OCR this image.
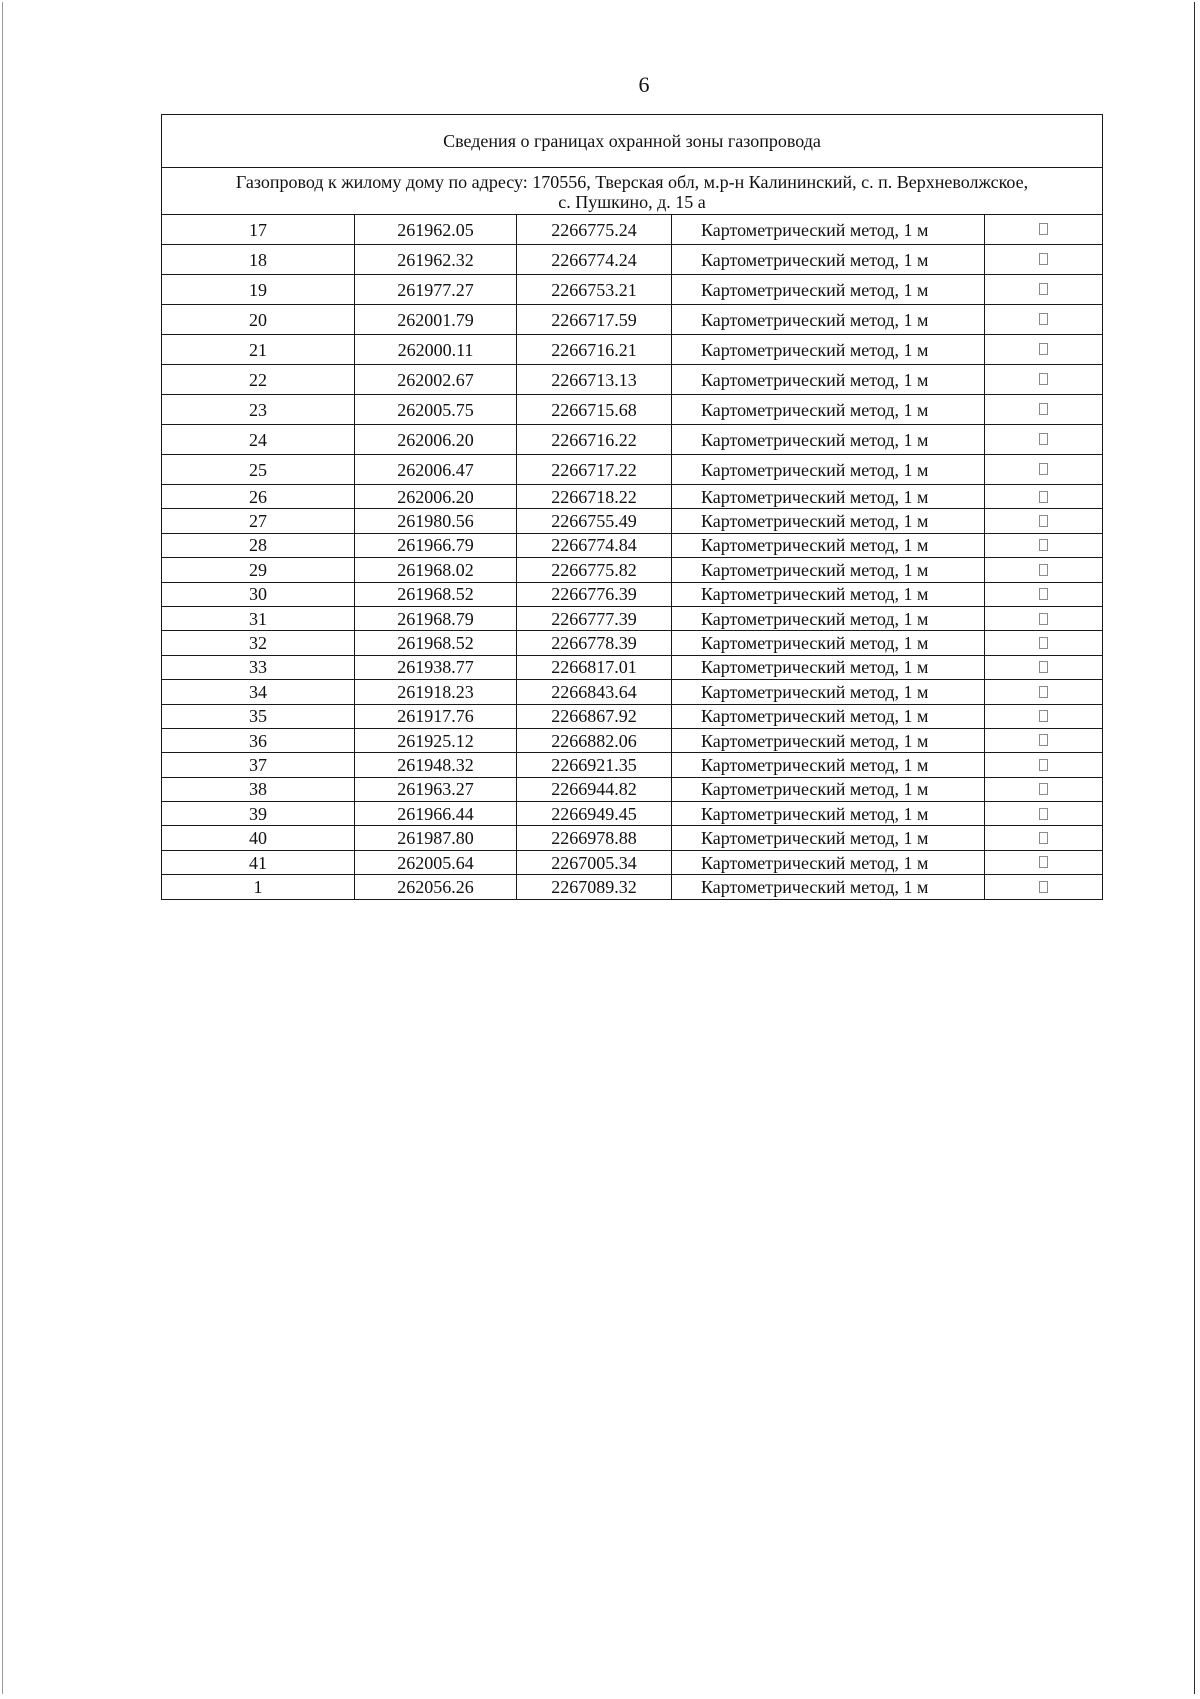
6
Сведения о границах охранной зоны газопровода				
Газопровод к жилому дому по адресу: 170556, Тверская обл, м.р-н Калининский, с. п. Верхневолжское,
с. Пушкино, д. 15 а				
17	261962.05	2266775.24	Картометрический метод, 1 м	
18	261962.32	2266774.24	Картометрический метод, 1 м	
19	261977.27	2266753.21	Картометрический метод, 1 м	
20	262001.79	2266717.59	Картометрический метод, 1 м	
21	262000.11	2266716.21	Картометрический метод, 1 м	
22	262002.67	2266713.13	Картометрический метод, 1 м	
23	262005.75	2266715.68	Картометрический метод, 1 м	
24	262006.20	2266716.22	Картометрический метод, 1 м	
25	262006.47	2266717.22	Картометрический метод, 1 м	
26	262006.20	2266718.22	Картометрический метод, 1 м	
27	261980.56	2266755.49	Картометрический метод, 1 м	
28	261966.79	2266774.84	Картометрический метод, 1 м	
29	261968.02	2266775.82	Картометрический метод, 1 м	
30	261968.52	2266776.39	Картометрический метод, 1 м	
31	261968.79	2266777.39	Картометрический метод, 1 м	
32	261968.52	2266778.39	Картометрический метод, 1 м	
33	261938.77	2266817.01	Картометрический метод, 1 м	
34	261918.23	2266843.64	Картометрический метод, 1 м	
35	261917.76	2266867.92	Картометрический метод, 1 м	
36	261925.12	2266882.06	Картометрический метод, 1 м	
37	261948.32	2266921.35	Картометрический метод, 1 м	
38	261963.27	2266944.82	Картометрический метод, 1 м	
39	261966.44	2266949.45	Картометрический метод, 1 м	
40	261987.80	2266978.88	Картометрический метод, 1 м	
41	262005.64	2267005.34	Картометрический метод, 1 м	
1	262056.26	2267089.32	Картометрический метод, 1 м	
